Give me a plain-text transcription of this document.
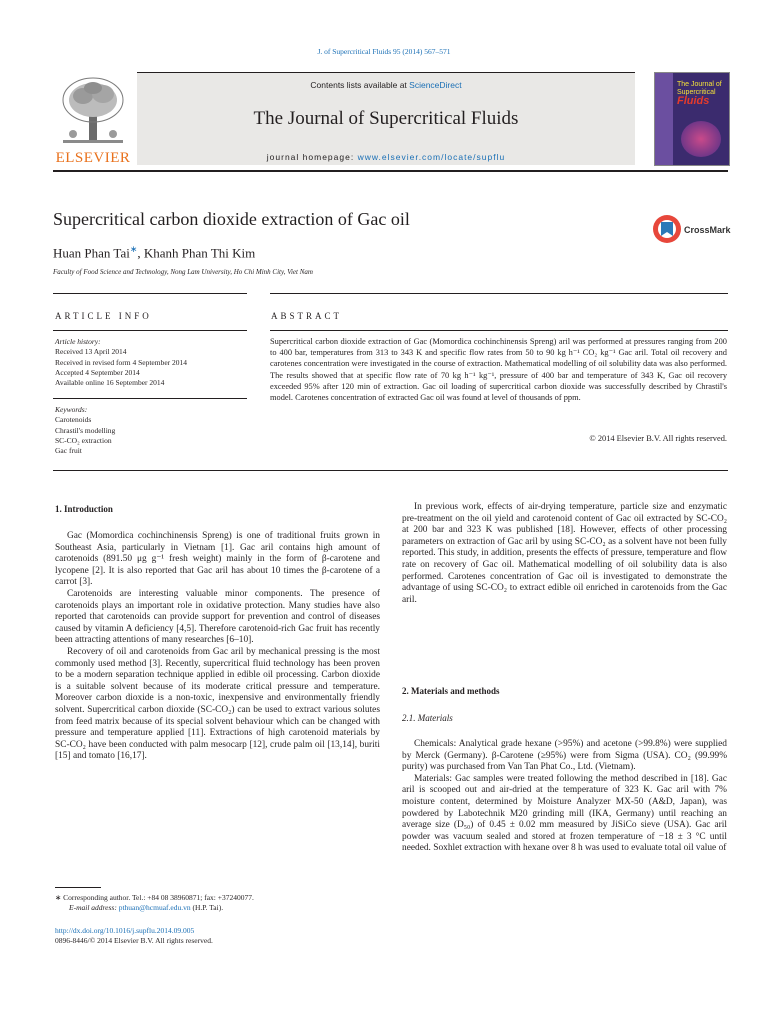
J. of Supercritical Fluids 95 (2014) 567–571
ELSEVIER
Contents lists available at ScienceDirect
The Journal of Supercritical Fluids
journal homepage: www.elsevier.com/locate/supflu
The Journal of
Supercritical
Fluids
Supercritical carbon dioxide extraction of Gac oil
Huan Phan Tai∗, Khanh Phan Thi Kim
Faculty of Food Science and Technology, Nong Lam University, Ho Chi Minh City, Viet Nam
CrossMark
ARTICLE INFO	ABSTRACT
Article history:
Received 13 April 2014
Received in revised form 4 September 2014
Accepted 4 September 2014
Available online 16 September 2014
Keywords:
Carotenoids
Chrastil's modelling
SC-CO₂ extraction
Gac fruit
Supercritical carbon dioxide extraction of Gac (Momordica cochinchinensis Spreng) aril was performed at pressures ranging from 200 to 400 bar, temperatures from 313 to 343 K and specific flow rates from 50 to 90 kg h⁻¹ CO₂ kg⁻¹ Gac aril. Total oil recovery and carotenes concentration were investigated in the course of extraction. Mathematical modelling of oil solubility data was also performed. The results showed that at specific flow rate of 70 kg h⁻¹ kg⁻¹, pressure of 400 bar and temperature of 343 K, Gac oil recovery exceeded 95% after 120 min of extraction. Gac oil loading of supercritical carbon dioxide was successfully described by Chrastil's model. Carotenes concentration of extracted Gac oil was found at level of thousands of ppm.
© 2014 Elsevier B.V. All rights reserved.
1. Introduction

Gac (Momordica cochinchinensis Spreng) is one of traditional fruits grown in Southeast Asia, particularly in Vietnam [1]. Gac aril contains high amount of carotenoids (891.50 μg g⁻¹ fresh weight) mainly in the form of β-carotene and lycopene [2]. It is also reported that Gac aril has about 10 times the β-carotene of a carrot [3].

Carotenoids are interesting valuable minor components. The presence of carotenoids plays an important role in oxidative protection. Many studies have also reported that carotenoids can provide support for prevention and control of diseases caused by vitamin A deficiency [4,5]. Therefore carotenoid-rich Gac fruit has recently been attracting attentions of many researches [6–10].

Recovery of oil and carotenoids from Gac aril by mechanical pressing is the most commonly used method [3]. Recently, supercritical fluid technology has been proven to be a modern separation technique applied in edible oil processing. Carbon dioxide is a suitable solvent because of its moderate critical pressure and temperature. Moreover carbon dioxide is a non-toxic, inexpensive and environmentally friendly solvent. Supercritical carbon dioxide (SC-CO₂) can be used to extract various solutes from feed matrix because of its special solvent behaviour which can be changed with pressure and temperature applied [11]. Extractions of high carotenoid materials by SC-CO₂ have been conducted with palm mesocarp [12], crude palm oil [13,14], buriti [15] and tomato [16,17].

In previous work, effects of air-drying temperature, particle size and enzymatic pre-treatment on the oil yield and carotenoid content of Gac oil extracted by SC-CO₂ at 200 bar and 323 K was published [18]. However, effects of other processing parameters on extraction of Gac aril by using SC-CO₂ as a solvent have not been fully reported. This study, in addition, presents the effects of pressure, temperature and flow rate on recovery of Gac oil. Mathematical modelling of oil solubility data is also performed. Carotenes concentration of Gac oil is investigated to demonstrate the advantage of using SC-CO₂ to extract edible oil enriched in carotenoids from the Gac aril.

2. Materials and methods
2.1. Materials

Chemicals: Analytical grade hexane (>95%) and acetone (>99.8%) were supplied by Merck (Germany). β-Carotene (≥95%) were from Sigma (USA). CO₂ (99.99% purity) was purchased from Van Tan Phat Co., Ltd. (Vietnam).

Materials: Gac samples were treated following the method described in [18]. Gac aril is scooped out and air-dried at the temperature of 323 K. Gac aril with 7% moisture content, determined by Moisture Analyzer MX-50 (A&D, Japan), was powdered by Labotechnik M20 grinding mill (IKA, Germany) until reaching an average size (D₅₀) of 0.45 ± 0.02 mm measured by JiSiCo sieve (USA). Gac aril powder was vacuum sealed and stored at frozen temperature of −18 ± 3 °C until needed. Soxhlet extraction with hexane over 8 h was used to evaluate total oil value of

∗ Corresponding author. Tel.: +84 08 38960871; fax: +37240077.
E-mail address: pthuan@hcmuaf.edu.vn (H.P. Tai).
http://dx.doi.org/10.1016/j.supflu.2014.09.005
0896-8446/© 2014 Elsevier B.V. All rights reserved.
